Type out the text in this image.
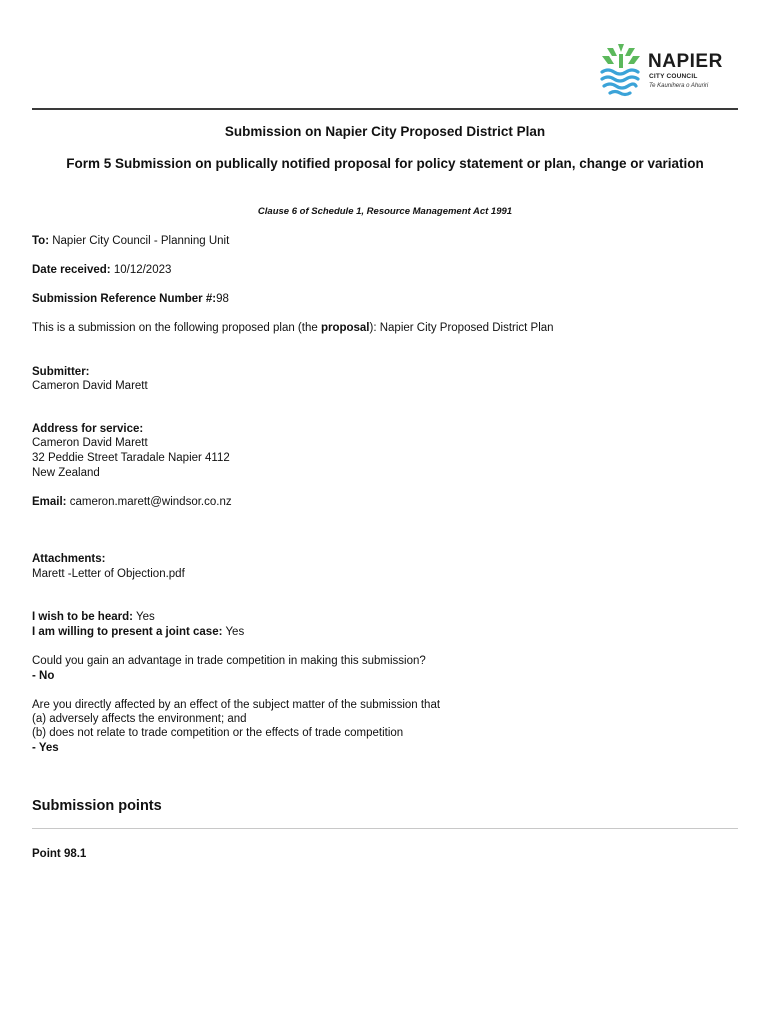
NAPIER
CITY COUNCIL
Te Kaunihera o Ahuriri
Submission on Napier City Proposed District Plan
Form 5 Submission on publically notified proposal for policy statement or plan, change or variation
Clause 6 of Schedule 1, Resource Management Act 1991
To: Napier City Council - Planning Unit
Date received: 10/12/2023
Submission Reference Number #:98
This is a submission on the following proposed plan (the proposal): Napier City Proposed District Plan
Submitter:
Cameron David Marett
Address for service:
Cameron David Marett
32 Peddie Street Taradale Napier 4112
New Zealand
Email: cameron.marett@windsor.co.nz
Attachments:
Marett -Letter of Objection.pdf
I wish to be heard: Yes
I am willing to present a joint case: Yes
Could you gain an advantage in trade competition in making this submission?
- No
Are you directly affected by an effect of the subject matter of the submission that
(a) adversely affects the environment; and
(b) does not relate to trade competition or the effects of trade competition
- Yes
Submission points
Point 98.1
